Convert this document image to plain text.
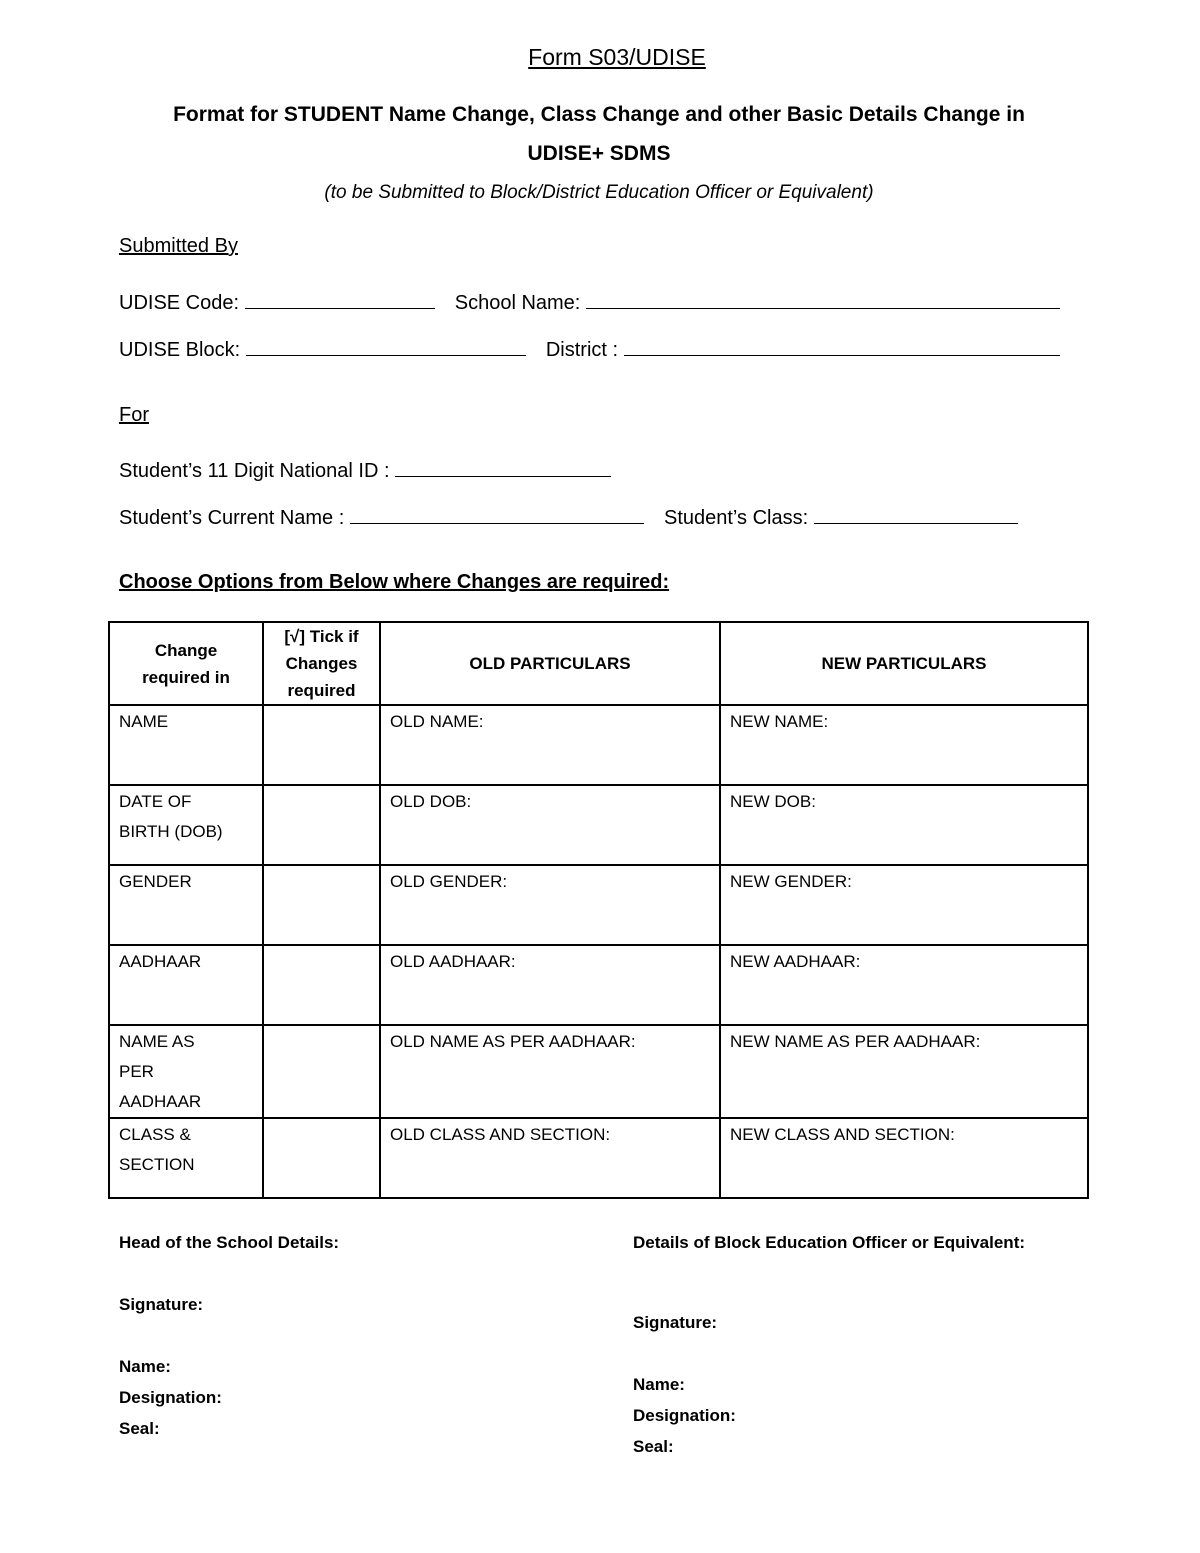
Form S03/UDISE
Format for STUDENT Name Change, Class Change and other Basic Details Change in
UDISE+ SDMS
(to be Submitted to Block/District Education Officer or Equivalent)
Submitted By
UDISE Code:	School Name:
UDISE Block:	District :
For
Student’s 11 Digit National ID :
Student’s Current Name :	Student’s Class:
Choose Options from Below where Changes are required:
Change required in	[√] Tick if Changes required	OLD PARTICULARS	NEW PARTICULARS
NAME		OLD NAME:	NEW NAME:
DATE OF BIRTH (DOB)		OLD DOB:	NEW DOB:
GENDER		OLD GENDER:	NEW GENDER:
AADHAAR		OLD AADHAAR:	NEW AADHAAR:
NAME AS PER AADHAAR		OLD NAME AS PER AADHAAR:	NEW NAME AS PER AADHAAR:
CLASS & SECTION		OLD CLASS AND SECTION:	NEW CLASS AND SECTION:
Head of the School Details:
Signature:
Name:
Designation:
Seal:
Details of Block Education Officer or Equivalent:
Signature:
Name:
Designation:
Seal:
